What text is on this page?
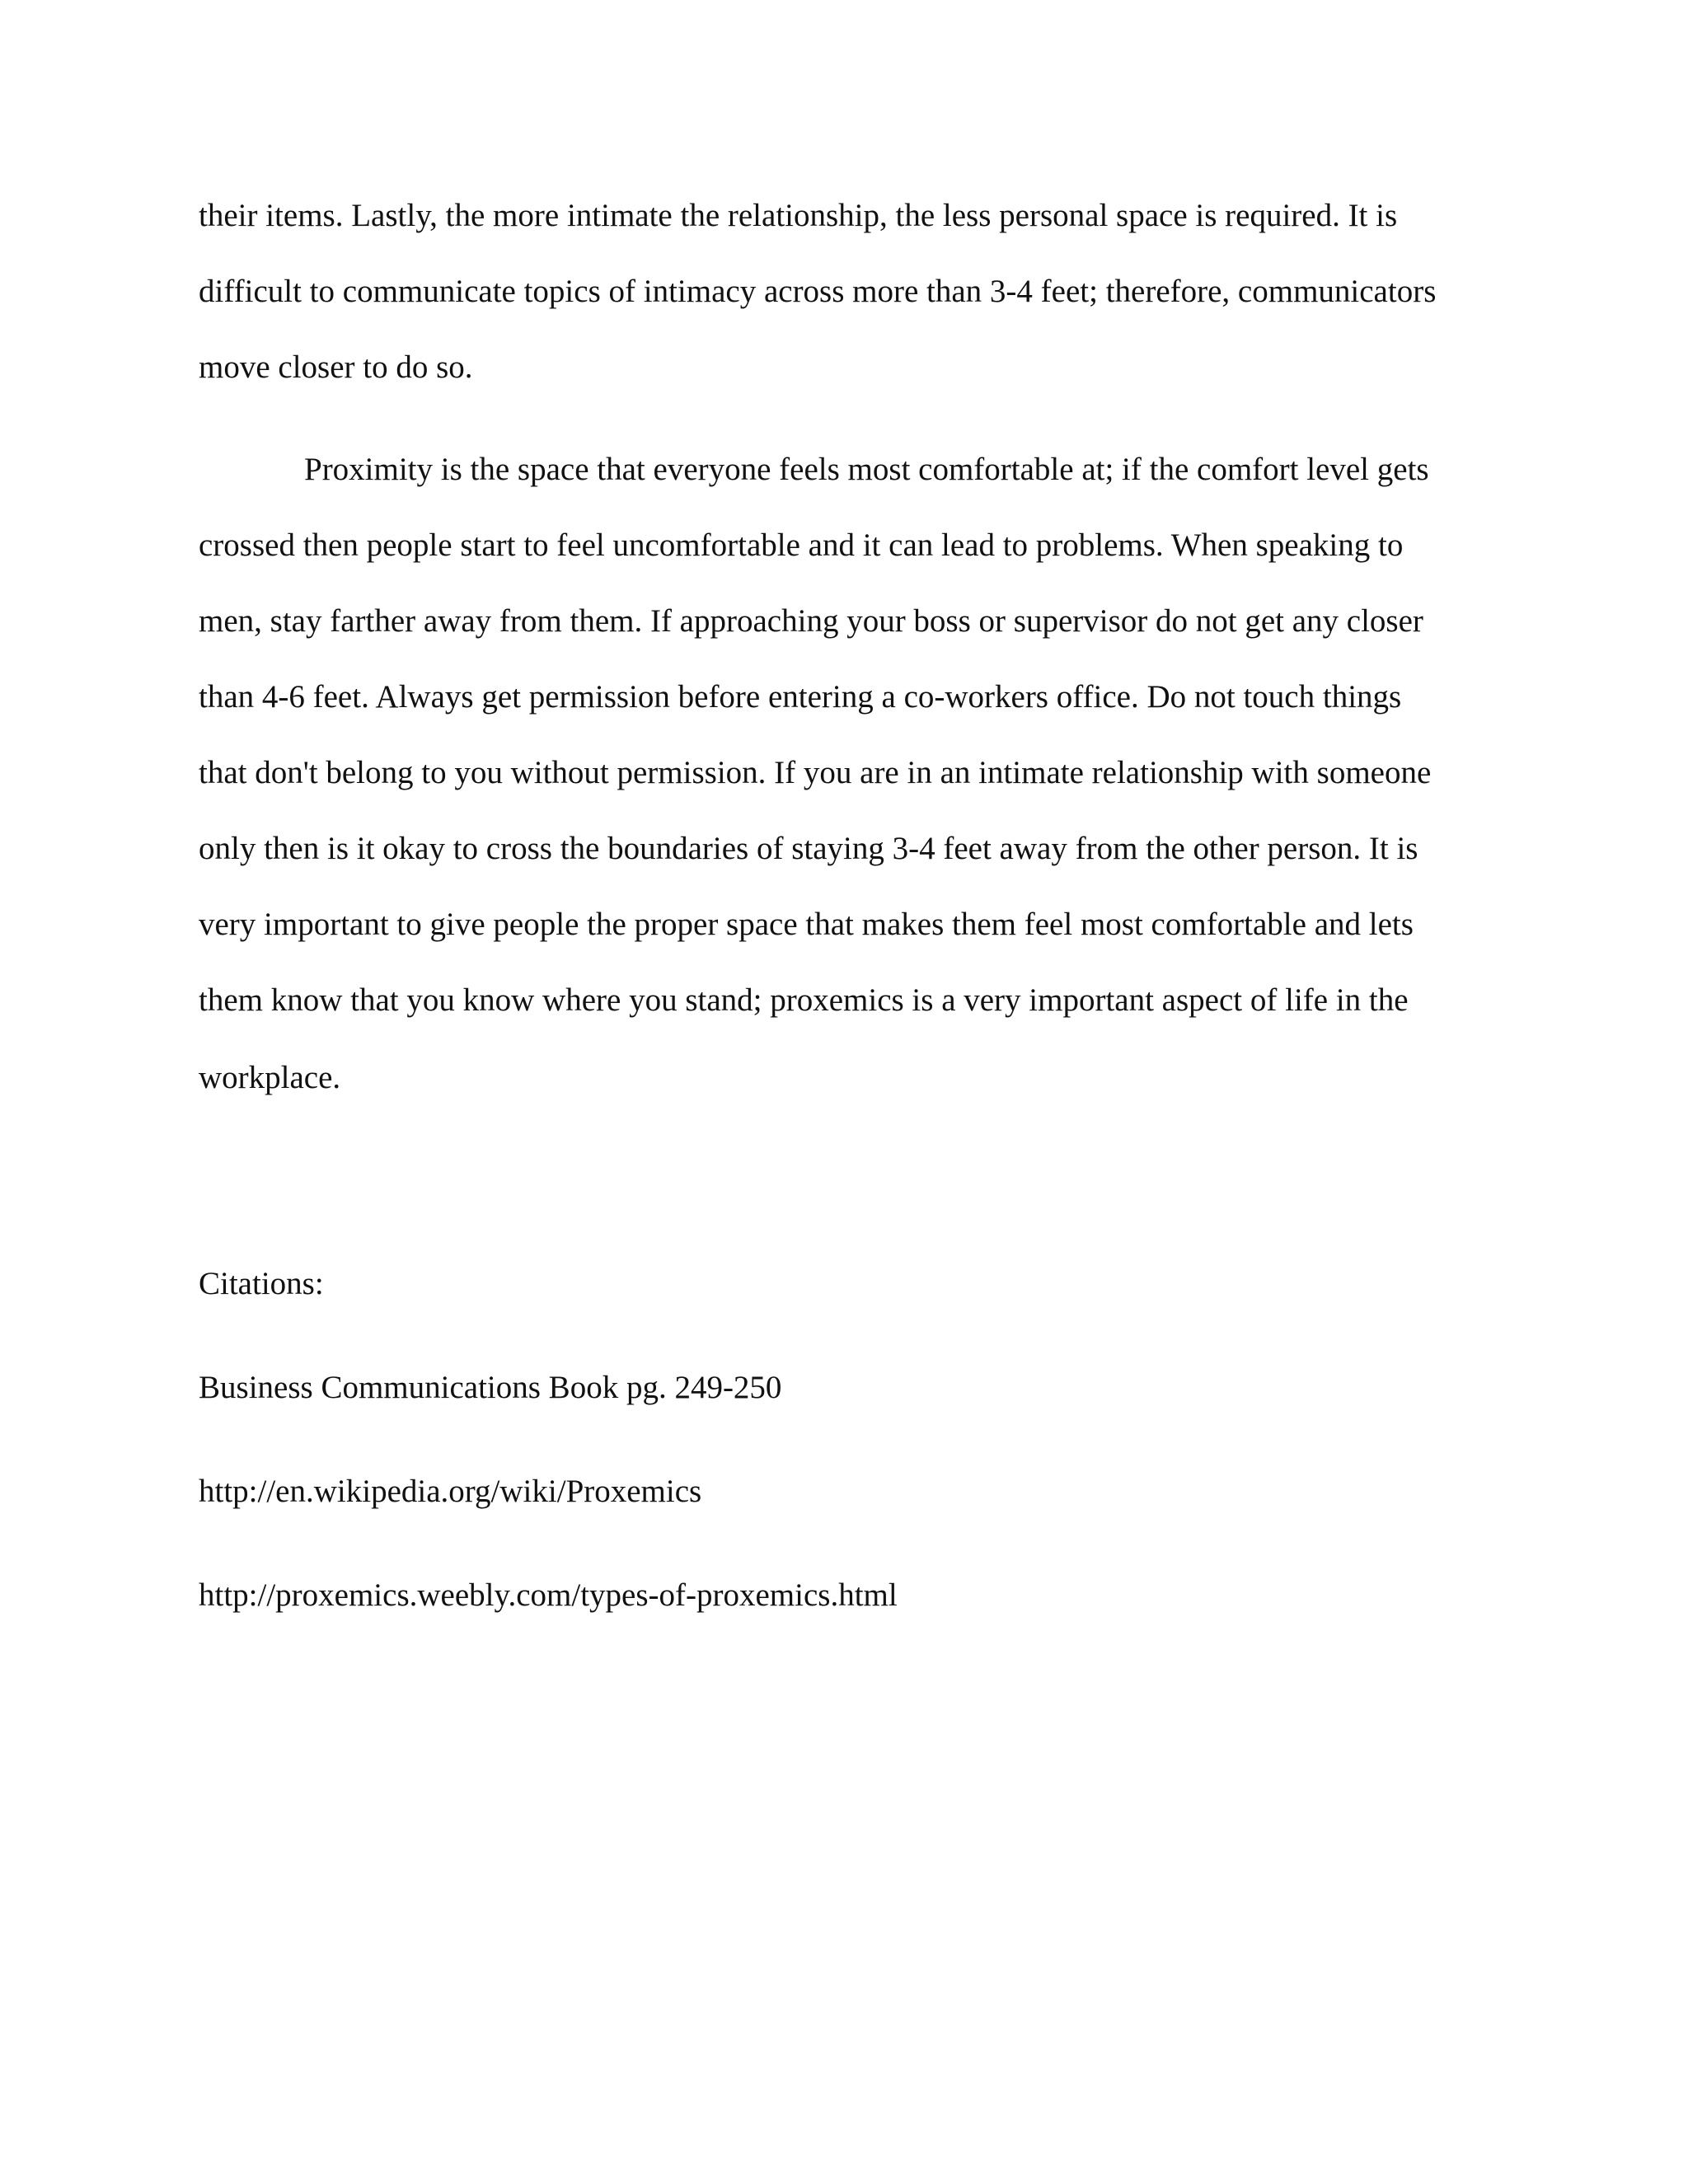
their items. Lastly, the more intimate the relationship, the less personal space is required. It is
difficult to communicate topics of intimacy across more than 3-4 feet; therefore, communicators
move closer to do so.
Proximity is the space that everyone feels most comfortable at; if the comfort level gets
crossed then people start to feel uncomfortable and it can lead to problems. When speaking to
men, stay farther away from them. If approaching your boss or supervisor do not get any closer
than 4-6 feet. Always get permission before entering a co-workers office. Do not touch things
that don't belong to you without permission. If you are in an intimate relationship with someone
only then is it okay to cross the boundaries of staying 3-4 feet away from the other person. It is
very important to give people the proper space that makes them feel most comfortable and lets
them know that you know where you stand; proxemics is a very important aspect of life in the
workplace.
Citations:
Business Communications Book pg. 249-250
http://en.wikipedia.org/wiki/Proxemics
http://proxemics.weebly.com/types-of-proxemics.html
